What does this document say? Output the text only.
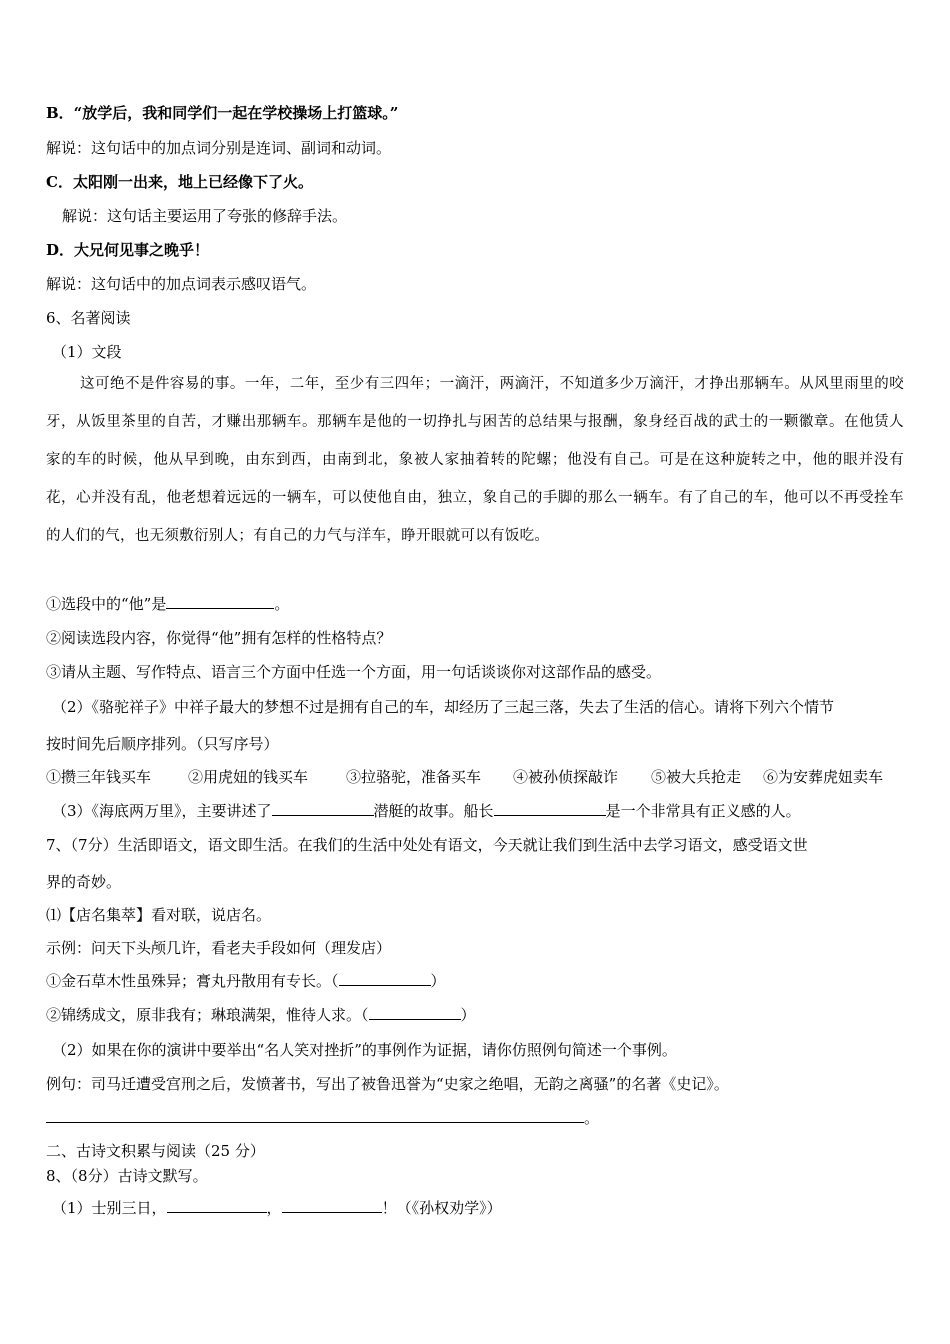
B．“放学后，我和同学们一起在学校操场上打篮球。”
解说：这句话中的加点词分别是连词、副词和动词。
C．太阳刚一出来，地上已经像下了火。
解说：这句话主要运用了夸张的修辞手法。
D．大兄何见事之晚乎！
解说：这句话中的加点词表示感叹语气。
6、名著阅读
（1）文段
这可绝不是件容易的事。一年，二年，至少有三四年；一滴汗，两滴汗，不知道多少万滴汗，才挣出那辆车。从风里雨里的咬牙，从饭里茶里的自苦，才赚出那辆车。那辆车是他的一切挣扎与困苦的总结果与报酬，象身经百战的武士的一颗徽章。在他赁人家的车的时候，他从早到晚，由东到西，由南到北，象被人家抽着转的陀螺；他没有自己。可是在这种旋转之中，他的眼并没有花，心并没有乱，他老想着远远的一辆车，可以使他自由，独立，象自己的手脚的那么一辆车。有了自己的车，他可以不再受拴车的人们的气，也无须敷衍别人；有自己的力气与洋车，睁开眼就可以有饭吃。
①选段中的“他”是	。
②阅读选段内容，你觉得“他”拥有怎样的性格特点？
③请从主题、写作特点、语言三个方面中任选一个方面，用一句话谈谈你对这部作品的感受。
（2）《骆驼祥子》中祥子最大的梦想不过是拥有自己的车，却经历了三起三落，失去了生活的信心。请将下列六个情节
按时间先后顺序排列。（只写序号）
①攒三年钱买车 ②用虎妞的钱买车	③拉骆驼，准备买车 ④被孙侦探敲诈 ⑤被大兵抢走 ⑥为安葬虎妞卖车
（3）《海底两万里》，主要讲述了	潜艇的故事。船长	是一个非常具有正义感的人。
7、（7分）生活即语文，语文即生活。在我们的生活中处处有语文，今天就让我们到生活中去学习语文，感受语文世
界的奇妙。
⑴【店名集萃】看对联，说店名。
示例：问天下头颅几许，看老夫手段如何（理发店）
①金石草木性虽殊异；膏丸丹散用有专长。（	）
②锦绣成文，原非我有；琳琅满架，惟待人求。（	）
（2）如果在你的演讲中要举出“名人笑对挫折”的事例作为证据，请你仿照例句简述一个事例。
例句：司马迁遭受宫刑之后，发愤著书，写出了被鲁迅誉为“史家之绝唱，无韵之离骚”的名著《史记》。
。
二、古诗文积累与阅读（25 分）
8、（8分）古诗文默写。
（1）士别三日，	，	！（《孙权劝学》）
